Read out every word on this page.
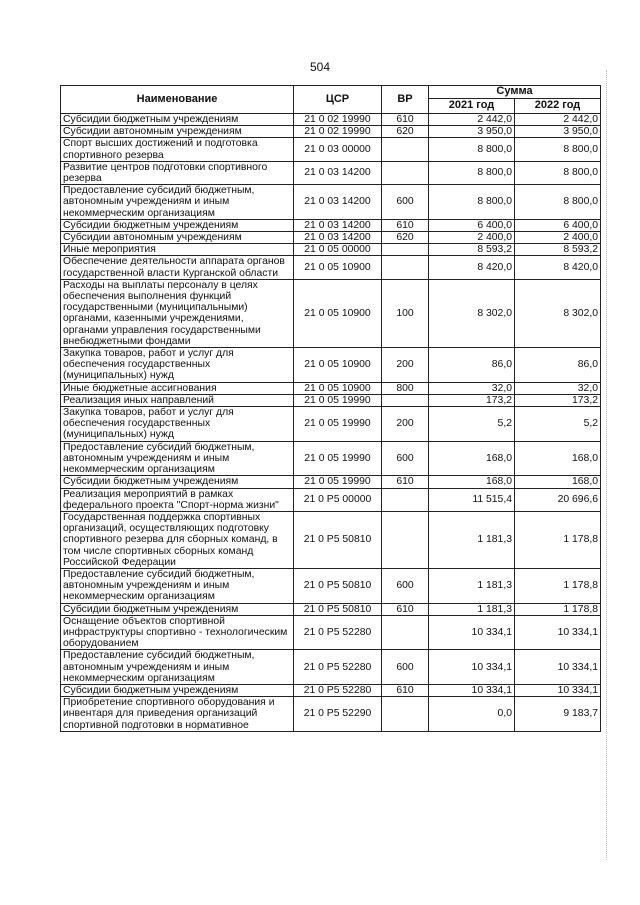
504
Наименование	ЦСР	ВР	Сумма	
			2021 год	2022 год
Субсидии бюджетным учреждениям	21 0 02 19990	610	2 442,0	2 442,0
Субсидии автономным учреждениям	21 0 02 19990	620	3 950,0	3 950,0
Спорт высших достижений и подготовка спортивного резерва	21 0 03 00000		8 800,0	8 800,0
Развитие центров подготовки спортивного резерва	21 0 03 14200		8 800,0	8 800,0
Предоставление субсидий бюджетным, автономным учреждениям и иным некоммерческим организациям	21 0 03 14200	600	8 800,0	8 800,0
Субсидии бюджетным учреждениям	21 0 03 14200	610	6 400,0	6 400,0
Субсидии автономным учреждениям	21 0 03 14200	620	2 400,0	2 400,0
Иные мероприятия	21 0 05 00000		8 593,2	8 593,2
Обеспечение деятельности аппарата органов государственной власти Курганской области	21 0 05 10900		8 420,0	8 420,0
Расходы на выплаты персоналу в целях обеспечения выполнения функций государственными (муниципальными) органами, казенными учреждениями, органами управления государственными внебюджетными фондами	21 0 05 10900	100	8 302,0	8 302,0
Закупка товаров, работ и услуг для обеспечения государственных (муниципальных) нужд	21 0 05 10900	200	86,0	86,0
Иные бюджетные ассигнования	21 0 05 10900	800	32,0	32,0
Реализация иных направлений	21 0 05 19990		173,2	173,2
Закупка товаров, работ и услуг для обеспечения государственных (муниципальных) нужд	21 0 05 19990	200	5,2	5,2
Предоставление субсидий бюджетным, автономным учреждениям и иным некоммерческим организациям	21 0 05 19990	600	168,0	168,0
Субсидии бюджетным учреждениям	21 0 05 19990	610	168,0	168,0
Реализация мероприятий в рамках федерального проекта "Спорт-норма жизни"	21 0 P5 00000		11 515,4	20 696,6
Государственная поддержка спортивных организаций, осуществляющих подготовку спортивного резерва для сборных команд, в том числе спортивных сборных команд Российской Федерации	21 0 P5 50810		1 181,3	1 178,8
Предоставление субсидий бюджетным, автономным учреждениям и иным некоммерческим организациям	21 0 P5 50810	600	1 181,3	1 178,8
Субсидии бюджетным учреждениям	21 0 P5 50810	610	1 181,3	1 178,8
Оснащение объектов спортивной инфраструктуры спортивно - технологическим оборудованием	21 0 P5 52280		10 334,1	10 334,1
Предоставление субсидий бюджетным, автономным учреждениям и иным некоммерческим организациям	21 0 P5 52280	600	10 334,1	10 334,1
Субсидии бюджетным учреждениям	21 0 P5 52280	610	10 334,1	10 334,1
Приобретение спортивного оборудования и инвентаря для приведения организаций спортивной подготовки в нормативное	21 0 P5 52290		0,0	9 183,7
